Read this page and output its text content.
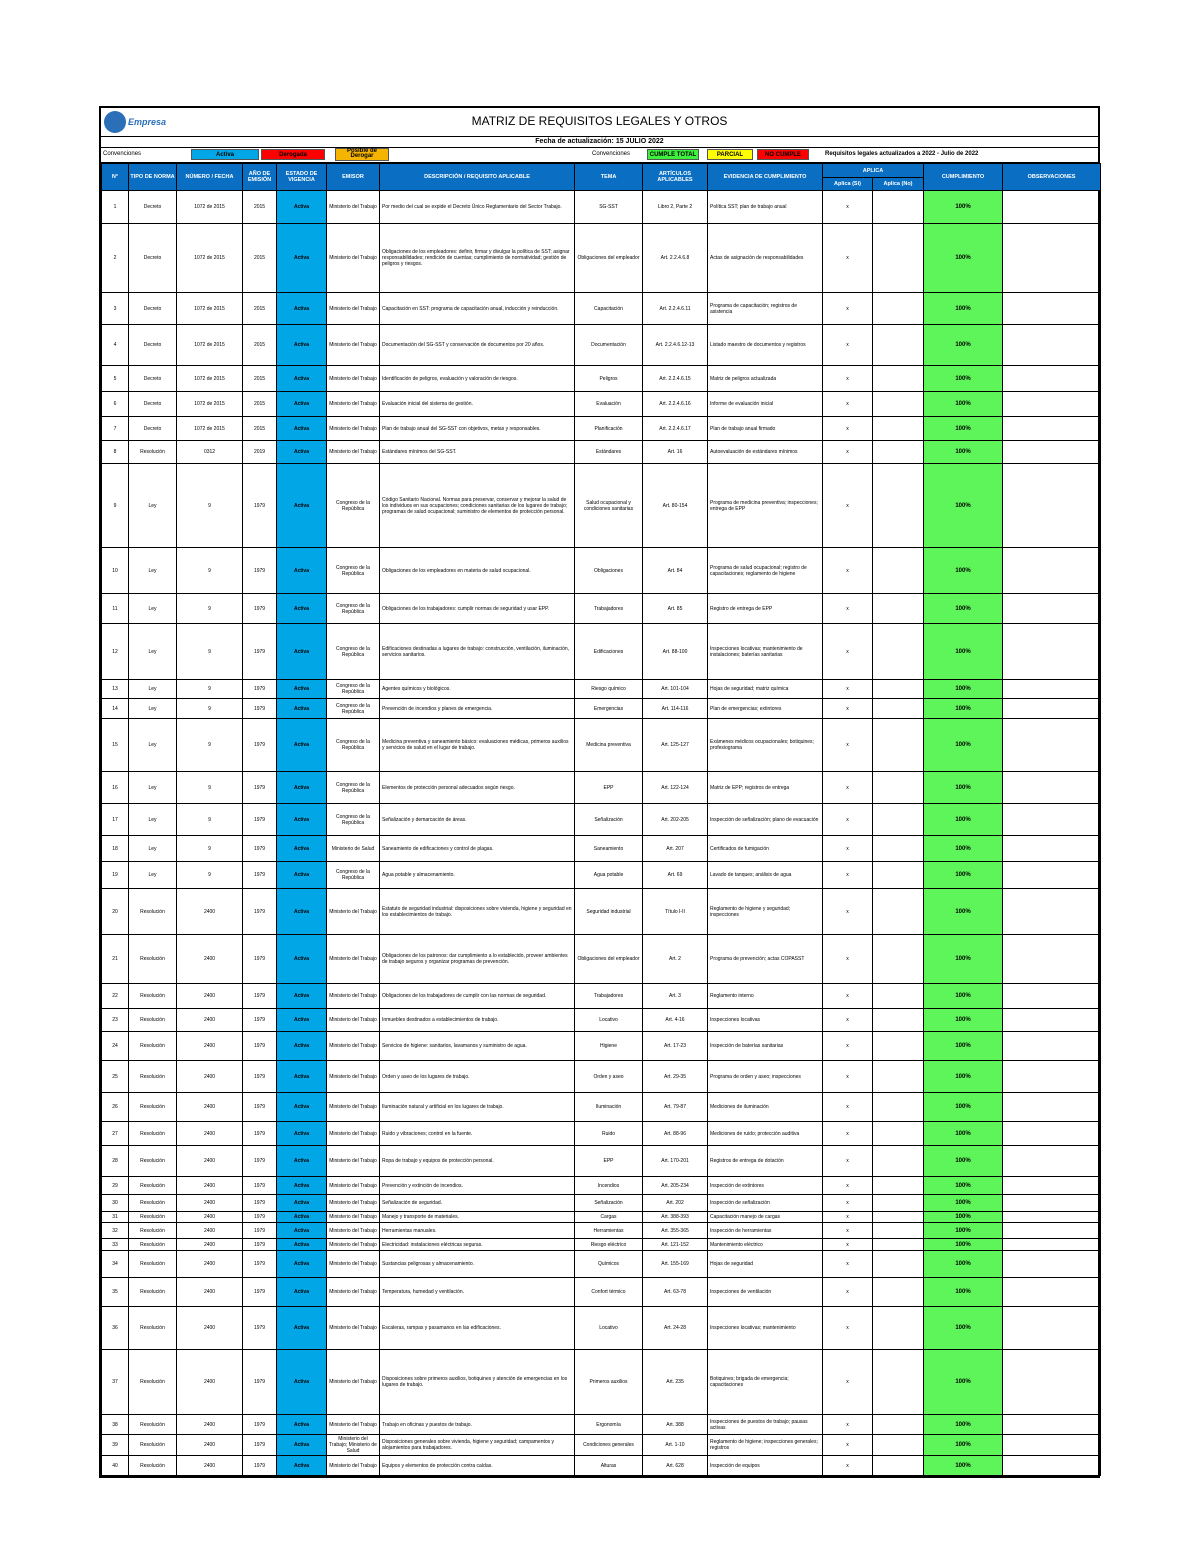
Empresa	MATRIZ DE REQUISITOS LEGALES Y OTROS
Fecha de actualización: 15 JULIO 2022
Convenciones	Activa	Derogada
Posible de Derogar	Convenciones	CUMPLE TOTAL	PARCIAL	NO CUMPLE	Requisitos legales actualizados a 2022 - Julio de 2022
N°	TIPO DE NORMA	NÚMERO / FECHA	AÑO DE EMISIÓN	ESTADO DE VIGENCIA	EMISOR	DESCRIPCIÓN / REQUISITO APLICABLE	TEMA	ARTÍCULOS APLICABLES	EVIDENCIA DE CUMPLIMIENTO	APLICA		CUMPLIMIENTO	OBSERVACIONES
										Aplica (Si)	Aplica (No)		
1	Decreto	1072 de 2015	2015	Activa	Ministerio del Trabajo	Por medio del cual se expide el Decreto Único Reglamentario del Sector Trabajo.	SG-SST	Libro 2, Parte 2	Política SST; plan de trabajo anual	x		100%	
2	Decreto	1072 de 2015	2015	Activa	Ministerio del Trabajo	Obligaciones de los empleadores: definir, firmar y divulgar la política de SST; asignar responsabilidades; rendición de cuentas; cumplimiento de normatividad; gestión de peligros y riesgos.	Obligaciones del empleador	Art. 2.2.4.6.8	Actas de asignación de responsabilidades	x		100%	
3	Decreto	1072 de 2015	2015	Activa	Ministerio del Trabajo	Capacitación en SST: programa de capacitación anual, inducción y reinducción.	Capacitación	Art. 2.2.4.6.11	Programa de capacitación; registros de asistencia	x		100%	
4	Decreto	1072 de 2015	2015	Activa	Ministerio del Trabajo	Documentación del SG-SST y conservación de documentos por 20 años.	Documentación	Art. 2.2.4.6.12-13	Listado maestro de documentos y registros	x		100%	
5	Decreto	1072 de 2015	2015	Activa	Ministerio del Trabajo	Identificación de peligros, evaluación y valoración de riesgos.	Peligros	Art. 2.2.4.6.15	Matriz de peligros actualizada	x		100%	
6	Decreto	1072 de 2015	2015	Activa	Ministerio del Trabajo	Evaluación inicial del sistema de gestión.	Evaluación	Art. 2.2.4.6.16	Informe de evaluación inicial	x		100%	
7	Decreto	1072 de 2015	2015	Activa	Ministerio del Trabajo	Plan de trabajo anual del SG-SST con objetivos, metas y responsables.	Planificación	Art. 2.2.4.6.17	Plan de trabajo anual firmado	x		100%	
8	Resolución	0312	2019	Activa	Ministerio del Trabajo	Estándares mínimos del SG-SST.	Estándares	Art. 16	Autoevaluación de estándares mínimos	x		100%	
9	Ley	9	1979	Activa	Congreso de la República	Código Sanitario Nacional. Normas para preservar, conservar y mejorar la salud de los individuos en sus ocupaciones; condiciones sanitarias de los lugares de trabajo; programas de salud ocupacional; suministro de elementos de protección personal.	Salud ocupacional y condiciones sanitarias	Art. 80-154	Programa de medicina preventiva; inspecciones; entrega de EPP	x		100%	
10	Ley	9	1979	Activa	Congreso de la República	Obligaciones de los empleadores en materia de salud ocupacional.	Obligaciones	Art. 84	Programa de salud ocupacional; registro de capacitaciones; reglamento de higiene	x		100%	
11	Ley	9	1979	Activa	Congreso de la República	Obligaciones de los trabajadores: cumplir normas de seguridad y usar EPP.	Trabajadores	Art. 85	Registro de entrega de EPP	x		100%	
12	Ley	9	1979	Activa	Congreso de la República	Edificaciones destinadas a lugares de trabajo: construcción, ventilación, iluminación, servicios sanitarios.	Edificaciones	Art. 88-100	Inspecciones locativas; mantenimiento de instalaciones; baterías sanitarias	x		100%	
13	Ley	9	1979	Activa	Congreso de la República	Agentes químicos y biológicos.	Riesgo químico	Art. 101-104	Hojas de seguridad; matriz química	x		100%	
14	Ley	9	1979	Activa	Congreso de la República	Prevención de incendios y planes de emergencia.	Emergencias	Art. 114-116	Plan de emergencias; extintores	x		100%	
15	Ley	9	1979	Activa	Congreso de la República	Medicina preventiva y saneamiento básico: evaluaciones médicas, primeros auxilios y servicios de salud en el lugar de trabajo.	Medicina preventiva	Art. 125-127	Exámenes médicos ocupacionales; botiquines; profesiograma	x		100%	
16	Ley	9	1979	Activa	Congreso de la República	Elementos de protección personal adecuados según riesgo.	EPP	Art. 122-124	Matriz de EPP; registros de entrega	x		100%	
17	Ley	9	1979	Activa	Congreso de la República	Señalización y demarcación de áreas.	Señalización	Art. 202-205	Inspección de señalización; plano de evacuación	x		100%	
18	Ley	9	1979	Activa	Ministerio de Salud	Saneamiento de edificaciones y control de plagas.	Saneamiento	Art. 207	Certificados de fumigación	x		100%	
19	Ley	9	1979	Activa	Congreso de la República	Agua potable y almacenamiento.	Agua potable	Art. 69	Lavado de tanques; análisis de agua	x		100%	
20	Resolución	2400	1979	Activa	Ministerio del Trabajo	Estatuto de seguridad industrial: disposiciones sobre vivienda, higiene y seguridad en los establecimientos de trabajo.	Seguridad industrial	Título I-II	Reglamento de higiene y seguridad; inspecciones	x		100%	
21	Resolución	2400	1979	Activa	Ministerio del Trabajo	Obligaciones de los patronos: dar cumplimiento a lo establecido, proveer ambientes de trabajo seguros y organizar programas de prevención.	Obligaciones del empleador	Art. 2	Programa de prevención; actas COPASST	x		100%	
22	Resolución	2400	1979	Activa	Ministerio del Trabajo	Obligaciones de los trabajadores de cumplir con las normas de seguridad.	Trabajadores	Art. 3	Reglamento interno	x		100%	
23	Resolución	2400	1979	Activa	Ministerio del Trabajo	Inmuebles destinados a establecimientos de trabajo.	Locativo	Art. 4-16	Inspecciones locativas	x		100%	
24	Resolución	2400	1979	Activa	Ministerio del Trabajo	Servicios de higiene: sanitarios, lavamanos y suministro de agua.	Higiene	Art. 17-23	Inspección de baterías sanitarias	x		100%	
25	Resolución	2400	1979	Activa	Ministerio del Trabajo	Orden y aseo de los lugares de trabajo.	Orden y aseo	Art. 29-35	Programa de orden y aseo; inspecciones	x		100%	
26	Resolución	2400	1979	Activa	Ministerio del Trabajo	Iluminación natural y artificial en los lugares de trabajo.	Iluminación	Art. 79-87	Mediciones de iluminación	x		100%	
27	Resolución	2400	1979	Activa	Ministerio del Trabajo	Ruido y vibraciones; control en la fuente.	Ruido	Art. 88-96	Mediciones de ruido; protección auditiva	x		100%	
28	Resolución	2400	1979	Activa	Ministerio del Trabajo	Ropa de trabajo y equipos de protección personal.	EPP	Art. 170-201	Registros de entrega de dotación	x		100%	
29	Resolución	2400	1979	Activa	Ministerio del Trabajo	Prevención y extinción de incendios.	Incendios	Art. 205-234	Inspección de extintores	x		100%	
30	Resolución	2400	1979	Activa	Ministerio del Trabajo	Señalización de seguridad.	Señalización	Art. 202	Inspección de señalización	x		100%	
31	Resolución	2400	1979	Activa	Ministerio del Trabajo	Manejo y transporte de materiales.	Cargas	Art. 388-393	Capacitación manejo de cargas	x		100%	
32	Resolución	2400	1979	Activa	Ministerio del Trabajo	Herramientas manuales.	Herramientas	Art. 355-365	Inspección de herramientas	x		100%	
33	Resolución	2400	1979	Activa	Ministerio del Trabajo	Electricidad: instalaciones eléctricas seguras.	Riesgo eléctrico	Art. 121-152	Mantenimiento eléctrico	x		100%	
34	Resolución	2400	1979	Activa	Ministerio del Trabajo	Sustancias peligrosas y almacenamiento.	Químicos	Art. 155-169	Hojas de seguridad	x		100%	
35	Resolución	2400	1979	Activa	Ministerio del Trabajo	Temperatura, humedad y ventilación.	Confort térmico	Art. 63-78	Inspecciones de ventilación	x		100%	
36	Resolución	2400	1979	Activa	Ministerio del Trabajo	Escaleras, rampas y pasamanos en las edificaciones.	Locativo	Art. 24-28	Inspecciones locativas; mantenimiento	x		100%	
37	Resolución	2400	1979	Activa	Ministerio del Trabajo	Disposiciones sobre primeros auxilios, botiquines y atención de emergencias en los lugares de trabajo.	Primeros auxilios	Art. 235	Botiquines; brigada de emergencia; capacitaciones	x		100%	
38	Resolución	2400	1979	Activa	Ministerio del Trabajo	Trabajo en oficinas y puestos de trabajo.	Ergonomía	Art. 388	Inspecciones de puestos de trabajo; pausas activas	x		100%	
39	Resolución	2400	1979	Activa	Ministerio del Trabajo; Ministerio de Salud	Disposiciones generales sobre vivienda, higiene y seguridad; campamentos y alojamientos para trabajadores.	Condiciones generales	Art. 1-10	Reglamento de higiene; inspecciones generales; registros	x		100%	
40	Resolución	2400	1979	Activa	Ministerio del Trabajo	Equipos y elementos de protección contra caídas.	Alturas	Art. 628	Inspección de equipos	x		100%	
